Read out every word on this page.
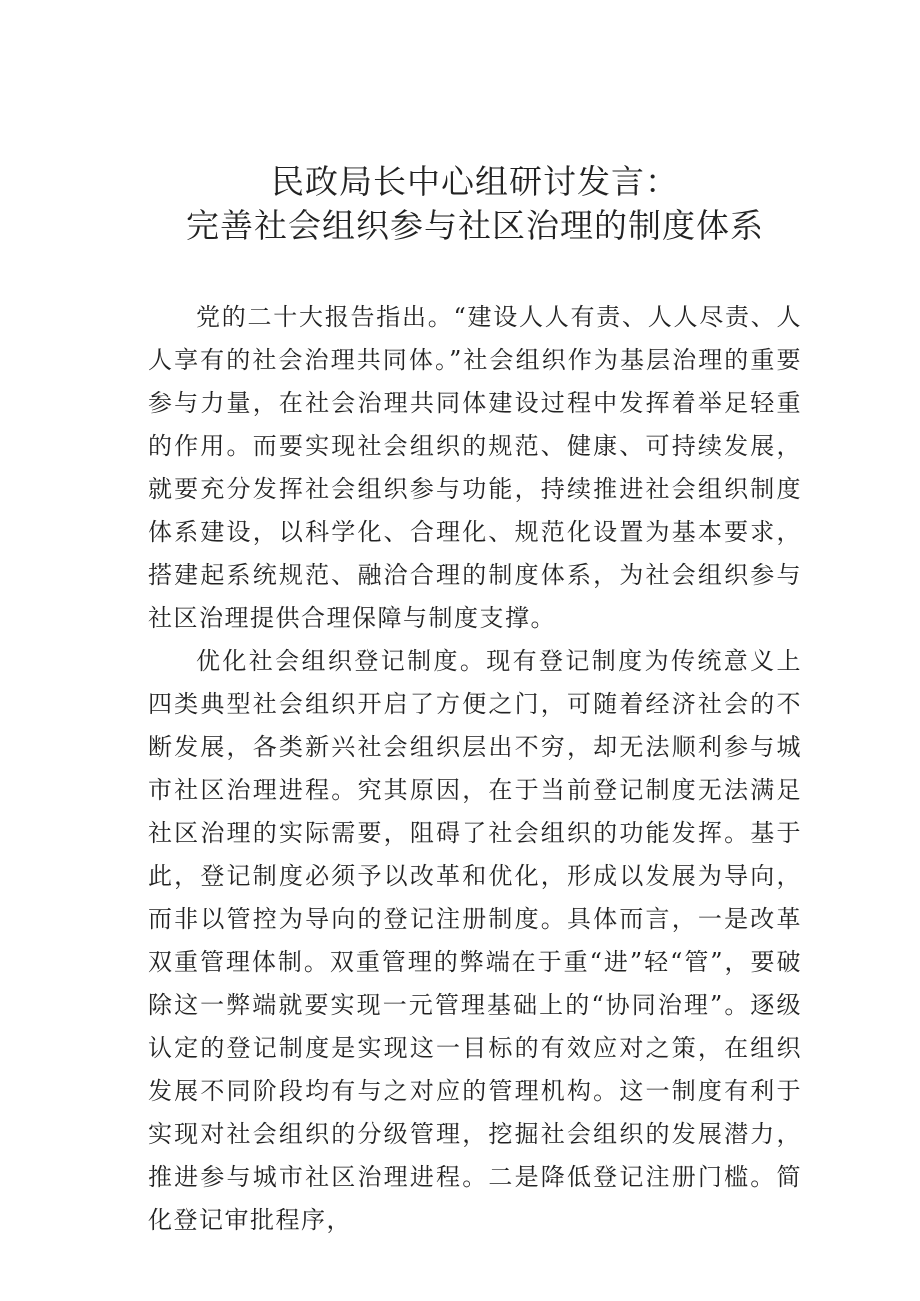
民政局长中心组研讨发言：
完善社会组织参与社区治理的制度体系

党的二十大报告指出。“建设人人有责、人人尽责、人人享有的社会治理共同体。”社会组织作为基层治理的重要参与力量，在社会治理共同体建设过程中发挥着举足轻重的作用。而要实现社会组织的规范、健康、可持续发展，就要充分发挥社会组织参与功能，持续推进社会组织制度体系建设，以科学化、合理化、规范化设置为基本要求，搭建起系统规范、融洽合理的制度体系，为社会组织参与社区治理提供合理保障与制度支撑。

优化社会组织登记制度。现有登记制度为传统意义上四类典型社会组织开启了方便之门，可随着经济社会的不断发展，各类新兴社会组织层出不穷，却无法顺利参与城市社区治理进程。究其原因，在于当前登记制度无法满足社区治理的实际需要，阻碍了社会组织的功能发挥。基于此，登记制度必须予以改革和优化，形成以发展为导向，而非以管控为导向的登记注册制度。具体而言，一是改革双重管理体制。双重管理的弊端在于重“进”轻“管”，要破除这一弊端就要实现一元管理基础上的“协同治理”。逐级认定的登记制度是实现这一目标的有效应对之策，在组织发展不同阶段均有与之对应的管理机构。这一制度有利于实现对社会组织的分级管理，挖掘社会组织的发展潜力，推进参与城市社区治理进程。二是降低登记注册门槛。简化登记审批程序，
